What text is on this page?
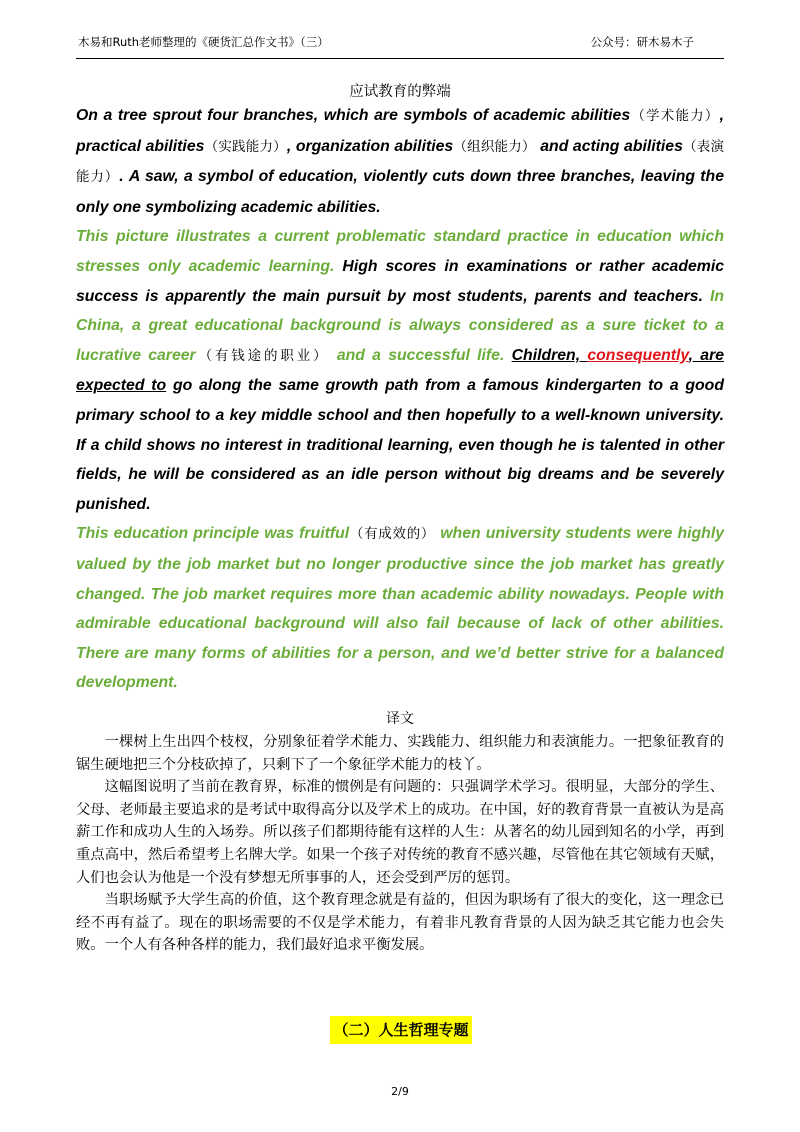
木易和Ruth老师整理的《硬货汇总作文书》（三）	公众号：研木易木子
应试教育的弊端

On a tree sprout four branches, which are symbols of academic abilities（学术能力）, practical abilities（实践能力）, organization abilities（组织能力） and acting abilities（表演能力）. A saw, a symbol of education, violently cuts down three branches, leaving the only one symbolizing academic abilities.

This picture illustrates a current problematic standard practice in education which stresses only academic learning. High scores in examinations or rather academic success is apparently the main pursuit by most students, parents and teachers. In China, a great educational background is always considered as a sure ticket to a lucrative career（有钱途的职业） and a successful life. Children, consequently, are expected to go along the same growth path from a famous kindergarten to a good primary school to a key middle school and then hopefully to a well-known university. If a child shows no interest in traditional learning, even though he is talented in other fields, he will be considered as an idle person without big dreams and be severely punished.

This education principle was fruitful（有成效的） when university students were highly valued by the job market but no longer productive since the job market has greatly changed. The job market requires more than academic ability nowadays. People with admirable educational background will also fail because of lack of other abilities. There are many forms of abilities for a person, and we’d better strive for a balanced development.

译文

一棵树上生出四个枝杈，分别象征着学术能力、实践能力、组织能力和表演能力。一把象征教育的锯生硬地把三个分枝砍掉了，只剩下了一个象征学术能力的枝丫。

这幅图说明了当前在教育界，标准的惯例是有问题的：只强调学术学习。很明显，大部分的学生、父母、老师最主要追求的是考试中取得高分以及学术上的成功。在中国，好的教育背景一直被认为是高薪工作和成功人生的入场券。所以孩子们都期待能有这样的人生：从著名的幼儿园到知名的小学，再到重点高中，然后希望考上名牌大学。如果一个孩子对传统的教育不感兴趣，尽管他在其它领域有天赋，人们也会认为他是一个没有梦想无所事事的人，还会受到严厉的惩罚。

当职场赋予大学生高的价值，这个教育理念就是有益的，但因为职场有了很大的变化，这一理念已经不再有益了。现在的职场需要的不仅是学术能力，有着非凡教育背景的人因为缺乏其它能力也会失败。一个人有各种各样的能力，我们最好追求平衡发展。

（二）人生哲理专题
2/9
